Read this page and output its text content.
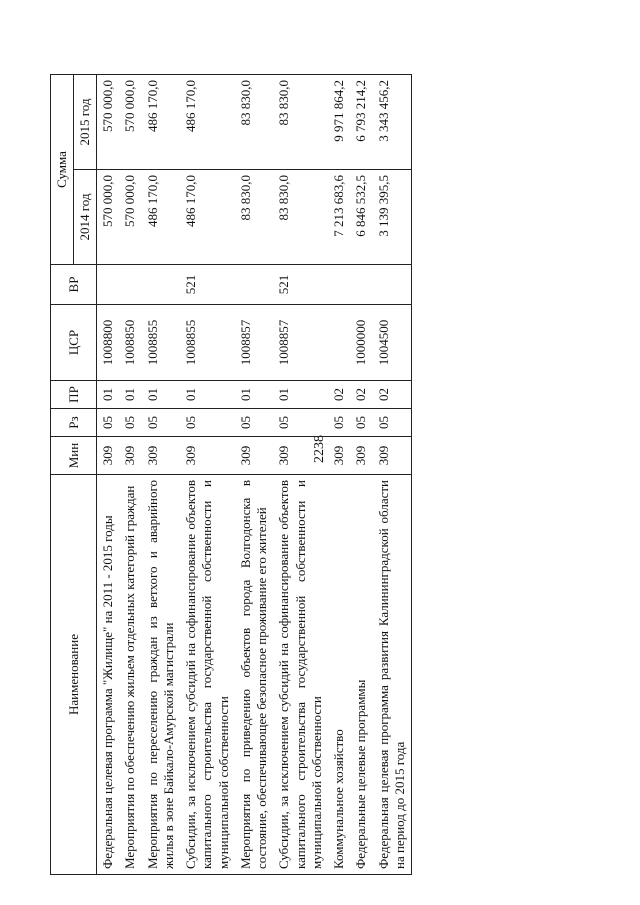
2238
Наименование	Мин	Рз	ПР	ЦСР	ВР	Сумма	
						2014 год	2015 год
Федеральная целевая программа "Жилище" на 2011 - 2015 годы	309	05	01	1008800		570 000,0	570 000,0
Мероприятия по обеспечению жильем отдельных категорий граждан	309	05	01	1008850		570 000,0	570 000,0
Мероприятия по переселению граждан из ветхого и аварийного жилья в зоне Байкало-Амурской магистрали	309	05	01	1008855		486 170,0	486 170,0
Субсидии, за исключением субсидий на софинансирование объектов капитального строительства государственной собственности и муниципальной собственности	309	05	01	1008855	521	486 170,0	486 170,0
Мероприятия по приведению объектов города Волгодонска в состояние, обеспечивающее безопасное проживание его жителей	309	05	01	1008857		83 830,0	83 830,0
Субсидии, за исключением субсидий на софинансирование объектов капитального строительства государственной собственности и муниципальной собственности	309	05	01	1008857	521	83 830,0	83 830,0
Коммунальное хозяйство	309	05	02			7 213 683,6	9 971 864,2
Федеральные целевые программы	309	05	02	1000000		6 846 532,5	6 793 214,2
Федеральная целевая программа развития Калининградской области на период до 2015 года	309	05	02	1004500		3 139 395,5	3 343 456,2
